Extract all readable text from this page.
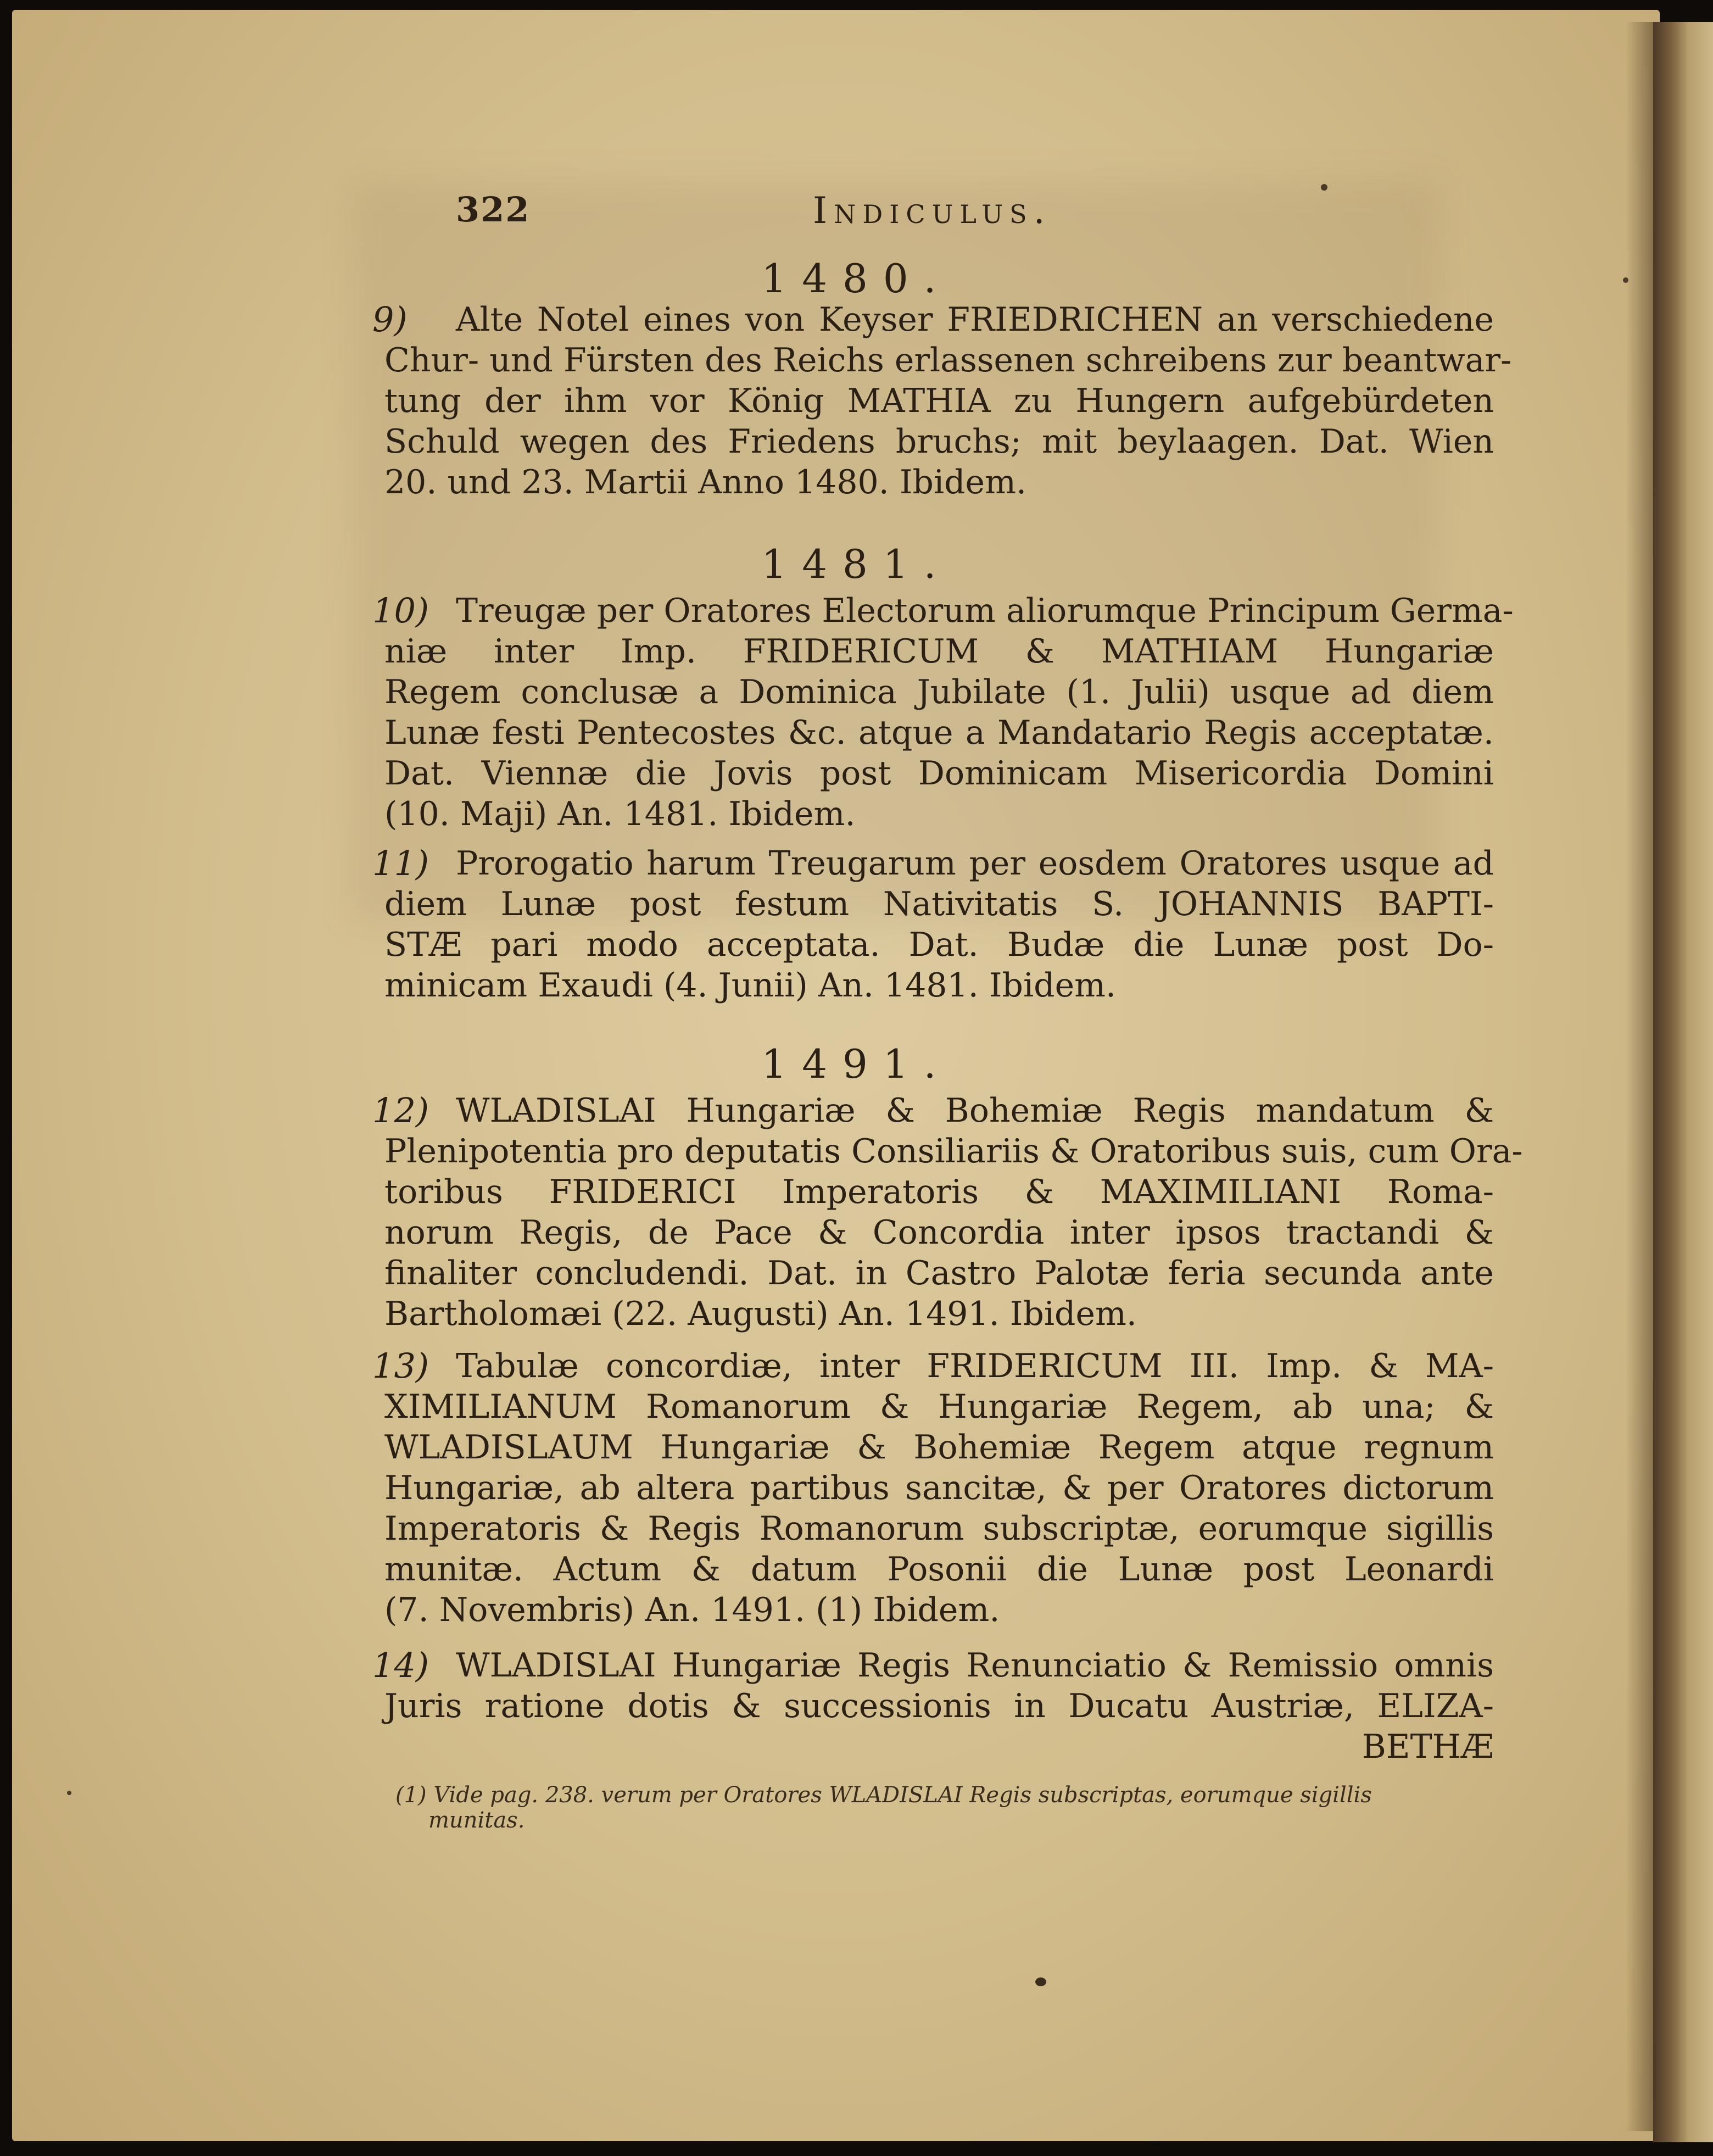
322	Indiculus.
1480.
9)	Alte Notel eines von Keyser FRIEDRICHEN an verschiedene
Chur- und Fürsten des Reichs erlassenen schreibens zur beantwar-
tung der ihm vor König MATHIA zu Hungern aufgebürdeten
Schuld wegen des Friedens bruchs; mit beylaagen. Dat. Wien
20. und 23. Martii Anno 1480. Ibidem.
1481.
10) Treugæ per Oratores Electorum aliorumque Principum Germa-
niæ inter Imp. FRIDERICUM & MATHIAM Hungariæ
Regem conclusæ a Dominica Jubilate (1. Julii) usque ad diem
Lunæ festi Pentecostes &c. atque a Mandatario Regis acceptatæ.
Dat. Viennæ die Jovis post Dominicam Misericordia Domini
(10. Maji) An. 1481. Ibidem.
11) Prorogatio harum Treugarum per eosdem Oratores usque ad
diem Lunæ post festum Nativitatis S. JOHANNIS BAPTI-
STÆ pari modo acceptata. Dat. Budæ die Lunæ post Do-
minicam Exaudi (4. Junii) An. 1481. Ibidem.
1491.
12) WLADISLAI Hungariæ & Bohemiæ Regis mandatum &
Plenipotentia pro deputatis Consiliariis & Oratoribus suis, cum Ora-
toribus FRIDERICI Imperatoris & MAXIMILIANI Roma-
norum Regis, de Pace & Concordia inter ipsos tractandi &
finaliter concludendi. Dat. in Castro Palotæ feria secunda ante
Bartholomæi (22. Augusti) An. 1491. Ibidem.
13) Tabulæ concordiæ, inter FRIDERICUM III. Imp. & MA-
XIMILIANUM Romanorum & Hungariæ Regem, ab una; &
WLADISLAUM Hungariæ & Bohemiæ Regem atque regnum
Hungariæ, ab altera partibus sancitæ, & per Oratores dictorum
Imperatoris & Regis Romanorum subscriptæ, eorumque sigillis
munitæ. Actum & datum Posonii die Lunæ post Leonardi
(7. Novembris) An. 1491. (1) Ibidem.
14) WLADISLAI Hungariæ Regis Renunciatio & Remissio omnis
Juris ratione dotis & successionis in Ducatu Austriæ, ELIZA-
BETHÆ
(1) Vide pag. 238. verum per Oratores WLADISLAI Regis subscriptas, eorumque sigillis
munitas.
